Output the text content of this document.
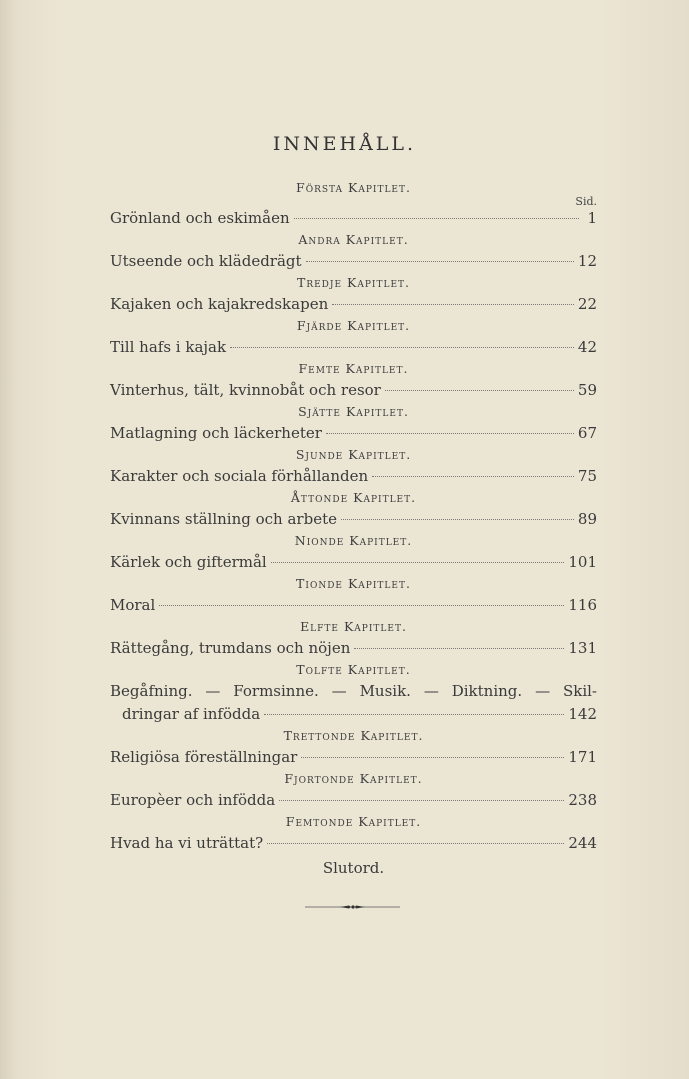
INNEHÅLL.
Första Kapitlet.
Sid.
Grönland och eskimåen	1
Andra Kapitlet.
Utseende och klädedrägt	12
Tredje Kapitlet.
Kajaken och kajakredskapen	22
Fjärde Kapitlet.
Till hafs i kajak	42
Femte Kapitlet.
Vinterhus, tält, kvinnobåt och resor	59
Sjätte Kapitlet.
Matlagning och läckerheter	67
Sjunde Kapitlet.
Karakter och sociala förhållanden	75
Åttonde Kapitlet.
Kvinnans ställning och arbete	89
Nionde Kapitlet.
Kärlek och giftermål	101
Tionde Kapitlet.
Moral	116
Elfte Kapitlet.
Rättegång, trumdans och nöjen	131
Tolfte Kapitlet.
Begåfning. — Formsinne. — Musik. — Diktning. — Skil-
dringar af infödda	142
Trettonde Kapitlet.
Religiösa föreställningar	171
Fjortonde Kapitlet.
Europèer och infödda	238
Femtonde Kapitlet.
Hvad ha vi uträttat?	244
Slutord.
